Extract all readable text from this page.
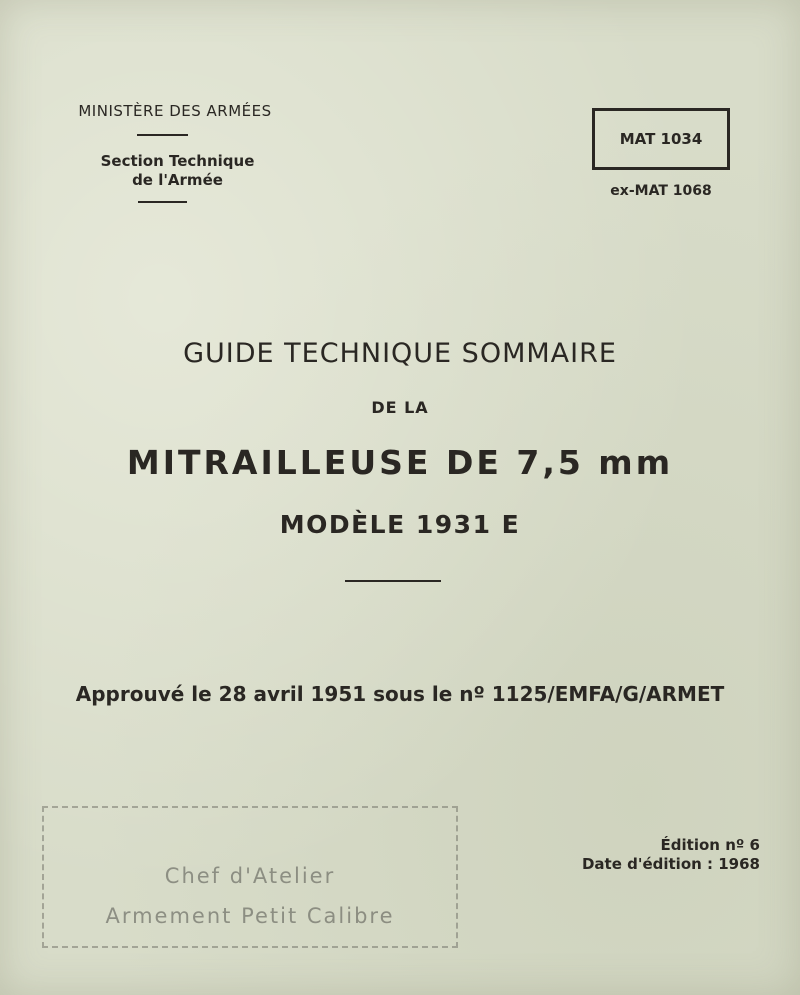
MINISTÈRE DES ARMÉES
Section Technique
de l'Armée
MAT 1034
ex-MAT 1068
GUIDE TECHNIQUE SOMMAIRE
DE LA
MITRAILLEUSE DE 7,5 mm
MODÈLE 1931 E
Approuvé le 28 avril 1951 sous le nº 1125/EMFA/G/ARMET
Chef d'Atelier
Armement Petit Calibre
Édition nº 6
Date d'édition : 1968
